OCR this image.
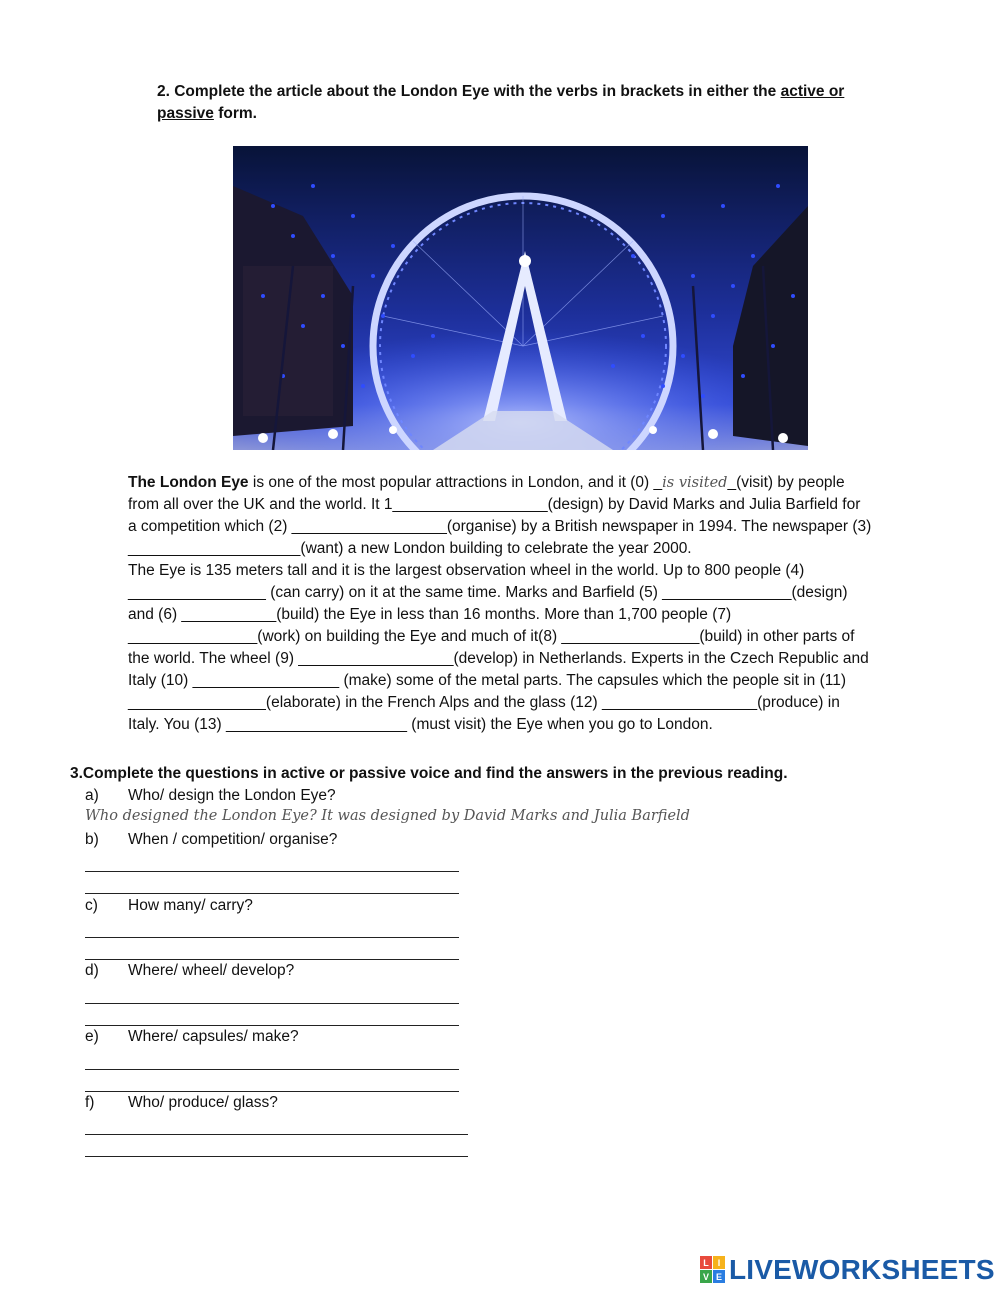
2. Complete the article about the London Eye with the verbs in brackets in either the active or
passive form.
The London Eye is one of the most popular attractions in London, and it (0) _is visited_(visit) by people
from all over the UK and the world. It 1__________________(design) by David Marks and Julia Barfield for
a competition which (2) __________________(organise) by a British newspaper in 1994. The newspaper (3)
____________________(want) a new London building to celebrate the year 2000.
The Eye is 135 meters tall and it is the largest observation wheel in the world. Up to 800 people (4)
________________ (can carry) on it at the same time. Marks and Barfield (5) _______________(design)
and (6) ___________(build) the Eye in less than 16 months. More than 1,700 people (7)
_______________(work) on building the Eye and much of it(8) ________________(build) in other parts of
the world. The wheel (9) __________________(develop) in Netherlands. Experts in the Czech Republic and
Italy (10) _________________ (make) some of the metal parts. The capsules which the people sit in (11)
________________(elaborate) in the French Alps and the glass (12) __________________(produce) in
Italy. You (13) _____________________ (must visit) the Eye when you go to London.
3.Complete the questions in active or passive voice and find the answers in the previous reading.
a) Who/ design the London Eye?
Who designed the London Eye? It was designed by David Marks and Julia Barfield
b) When / competition/ organise?
c) How many/ carry?
d) Where/ wheel/ develop?
e) Where/ capsules/ make?
f) Who/ produce/ glass?
L I
V E LIVEWORKSHEETS
